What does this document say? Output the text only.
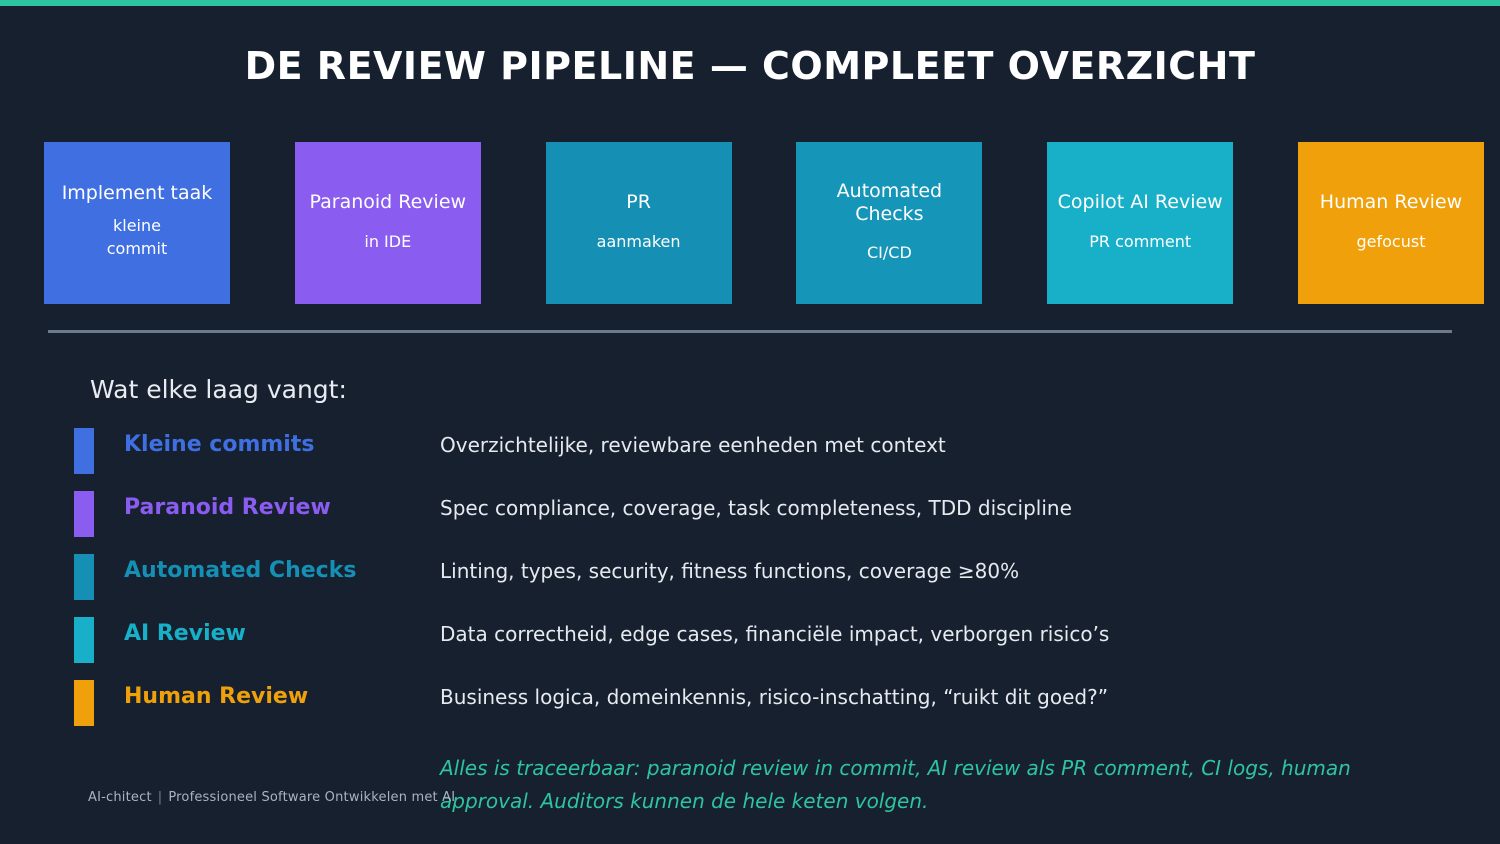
DE REVIEW PIPELINE — COMPLEET OVERZICHT
Implement taak
kleine
commit
Paranoid Review
in IDE
PR
aanmaken
Automated Checks
CI/CD
Copilot AI Review
PR comment
Human Review
gefocust
Wat elke laag vangt:
Kleine commits	Overzichtelijke, reviewbare eenheden met context
Paranoid Review	Spec compliance, coverage, task completeness, TDD discipline
Automated Checks	Linting, types, security, fitness functions, coverage ≥80%
AI Review	Data correctheid, edge cases, financiële impact, verborgen risico’s
Human Review	Business logica, domeinkennis, risico-inschatting, “ruikt dit goed?”
Alles is traceerbaar: paranoid review in commit, AI review als PR comment, CI logs, human approval. Auditors kunnen de hele keten volgen.
AI-chitect | Professioneel Software Ontwikkelen met AI
